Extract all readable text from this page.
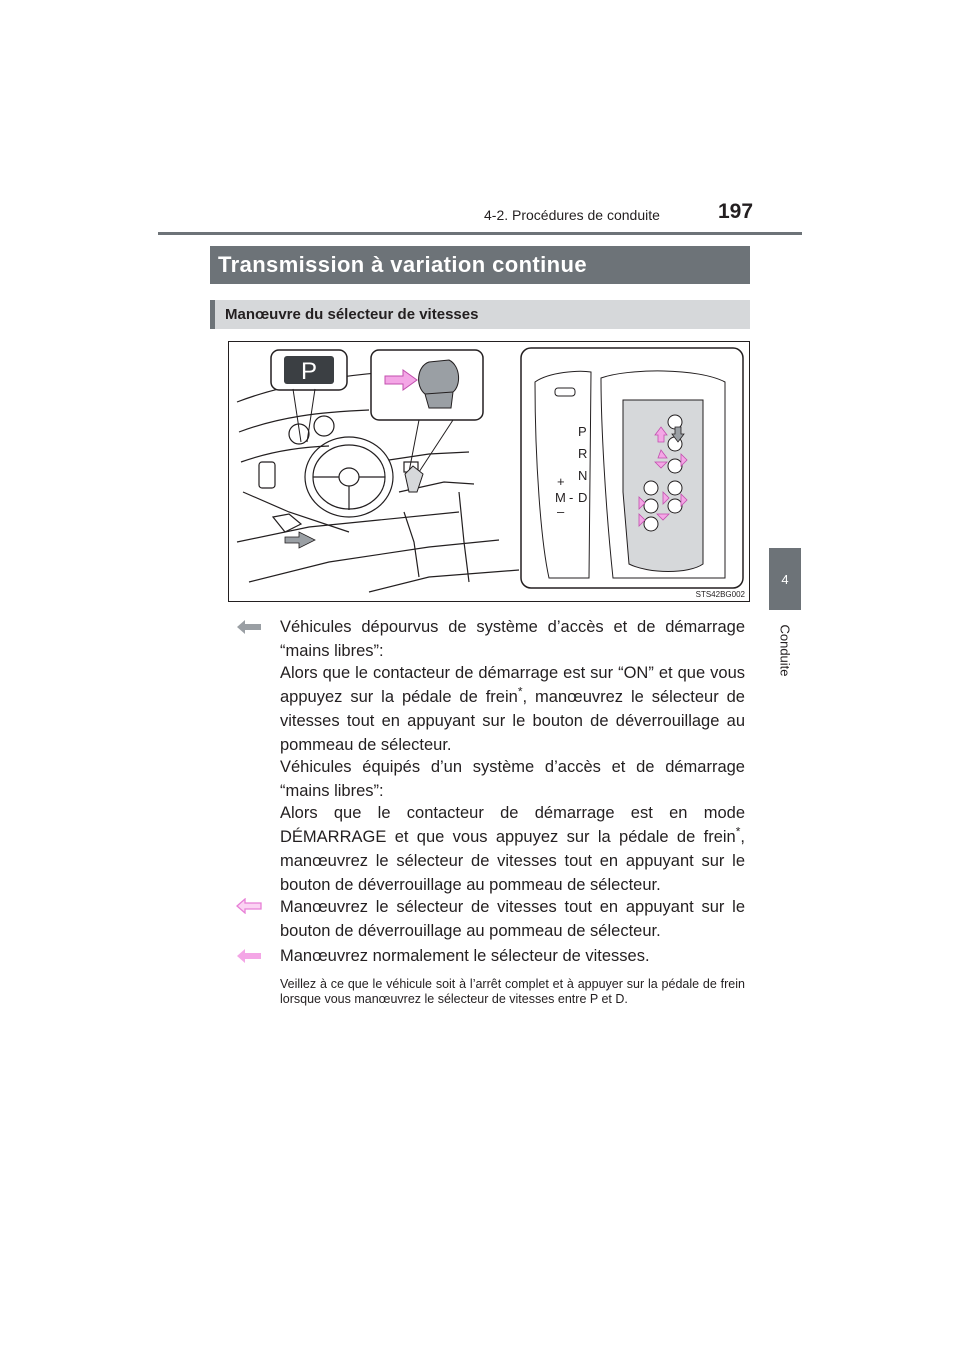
4-2. Procédures de conduite	197
4
Conduite
Transmission à variation continue
Manœuvre du sélecteur de vitesses
P
P
R
N
D
+
M -
–
STS42BG002
Véhicules dépourvus de système d’accès et de démarrage “mains libres”:
Alors que le contacteur de démarrage est sur “ON” et que vous appuyez sur la pédale de frein*, manœuvrez le sélecteur de vitesses tout en appuyant sur le bouton de déverrouillage au pommeau de sélecteur.
Véhicules équipés d’un système d’accès et de démarrage “mains libres”:
Alors que le contacteur de démarrage est en mode DÉMARRAGE et que vous appuyez sur la pédale de frein*, manœuvrez le sélecteur de vitesses tout en appuyant sur le bouton de déverrouillage au pommeau de sélecteur.
Manœuvrez le sélecteur de vitesses tout en appuyant sur le bouton de déverrouillage au pommeau de sélecteur.
Manœuvrez normalement le sélecteur de vitesses.
Veillez à ce que le véhicule soit à l’arrêt complet et à appuyer sur la pédale de frein lorsque vous manœuvrez le sélecteur de vitesses entre P et D.
